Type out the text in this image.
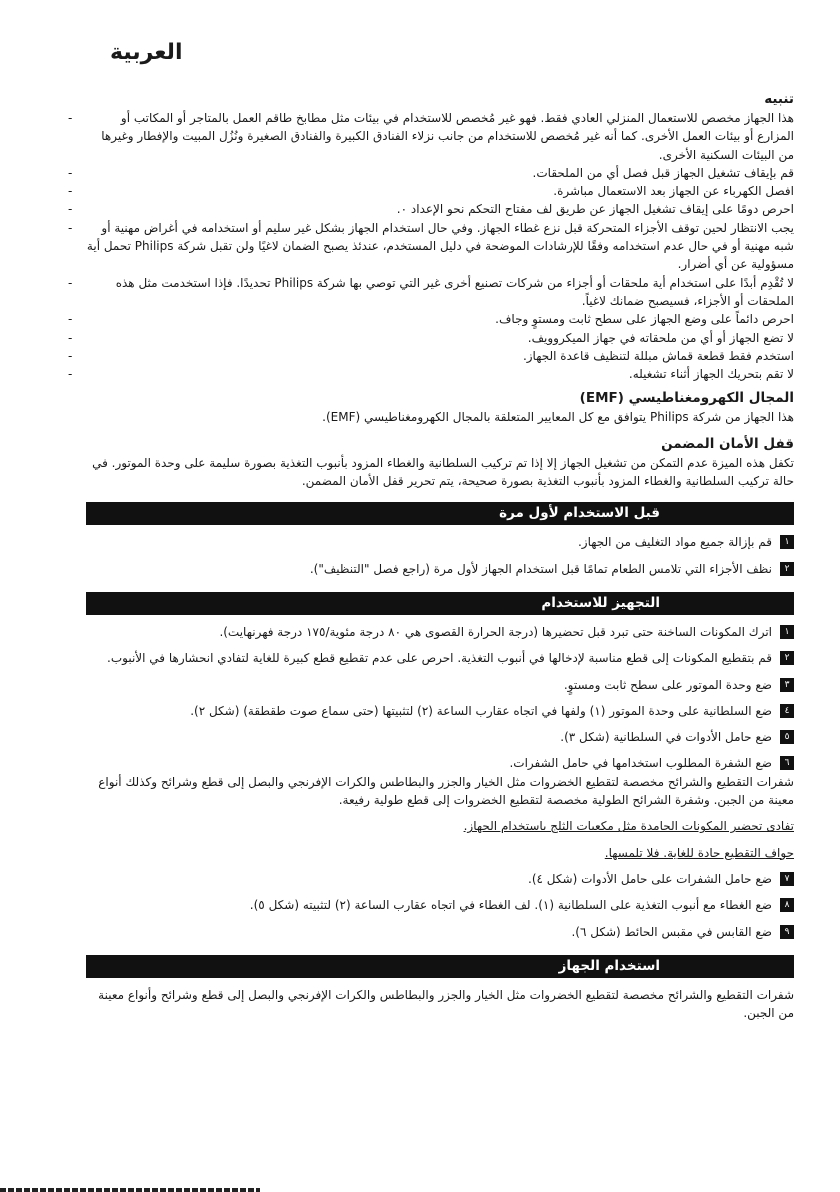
العربية
تنبيه
هذا الجهاز مخصص للاستعمال المنزلي العادي فقط. فهو غير مُخصص للاستخدام في بيئات مثل مطابخ طاقم العمل بالمتاجر أو المكاتب أو المزارع أو بيئات العمل الأخرى. كما أنه غير مُخصص للاستخدام من جانب نزلاء الفنادق الكبيرة والفنادق الصغيرة ونُزُل المبيت والإفطار وغيرها من البيئات السكنية الأخرى. -
قم بإيقاف تشغيل الجهاز قبل فصل أي من الملحقات. -
افصل الكهرباء عن الجهاز بعد الاستعمال مباشرة. -
احرص دومًا على إيقاف تشغيل الجهاز عن طريق لف مفتاح التحكم نحو الإعداد ٠. -
يجب الانتظار لحين توقف الأجزاء المتحركة قبل نزع غطاء الجهاز. وفي حال استخدام الجهاز بشكل غير سليم أو استخدامه في أغراض مهنية أو شبه مهنية أو في حال عدم استخدامه وفقًا للإرشادات الموضحة في دليل المستخدم، عندئذ يصبح الضمان لاغيًا ولن تقبل شركة Philips تحمل أية مسؤولية عن أي أضرار. -
لا تُقْدِم أبدًا على استخدام أية ملحقات أو أجزاء من شركات تصنيع أخرى غير التي توصي بها شركة Philips تحديدًا. فإذا استخدمت مثل هذه الملحقات أو الأجزاء، فسيصبح ضمانك لاغياً. -
احرص دائماً على وضع الجهاز على سطح ثابت ومستوٍ وجاف. -
لا تضع الجهاز أو أي من ملحقاته في جهاز الميكروويف. -
استخدم فقط قطعة قماش مبللة لتنظيف قاعدة الجهاز. -
لا تقم بتحريك الجهاز أثناء تشغيله. -
المجال الكهرومغناطيسي (EMF)

هذا الجهاز من شركة Philips يتوافق مع كل المعايير المتعلقة بالمجال الكهرومغناطيسي (EMF).

قفل الأمان المضمن

تكفل هذه الميزة عدم التمكن من تشغيل الجهاز إلا إذا تم تركيب السلطانية والغطاء المزود بأنبوب التغذية بصورة سليمة على وحدة الموتور. في حالة تركيب السلطانية والغطاء المزود بأنبوب التغذية بصورة صحيحة، يتم تحرير قفل الأمان المضمن.

قبل الاستخدام لأول مرة
١
قم بإزالة جميع مواد التغليف من الجهاز.
٢
نظف الأجزاء التي تلامس الطعام تمامًا قبل استخدام الجهاز لأول مرة (راجع فصل "التنظيف").
التجهيز للاستخدام
١
اترك المكونات الساخنة حتى تبرد قبل تحضيرها (درجة الحرارة القصوى هي ٨٠ درجة مئوية/١٧٥ درجة فهرنهايت).
٢
قم بتقطيع المكونات إلى قطع مناسبة لإدخالها في أنبوب التغذية. احرص على عدم تقطيع قطع كبيرة للغاية لتفادي انحشارها في الأنبوب.
٣
ضع وحدة الموتور على سطح ثابت ومستوٍ.
٤
ضع السلطانية على وحدة الموتور (١) ولفها في اتجاه عقارب الساعة (٢) لتثبيتها (حتى سماع صوت طقطقة) (شكل ٢).
٥
ضع حامل الأدوات في السلطانية (شكل ٣).
٦
ضع الشفرة المطلوب استخدامها في حامل الشفرات.

شفرات التقطيع والشرائح مخصصة لتقطيع الخضروات مثل الخيار والجزر والبطاطس والكرات الإفرنجي والبصل إلى قطع وشرائح وكذلك أنواع معينة من الجبن. وشفرة الشرائح الطولية مخصصة لتقطيع الخضروات إلى قطع طولية رفيعة.

تفادى تحضير المكونات الجامدة مثل مكعبات الثلج باستخدام الجهاز.

حواف التقطيع حادة للغاية. فلا تلمسها.

٧
ضع حامل الشفرات على حامل الأدوات (شكل ٤).
٨
ضع الغطاء مع أنبوب التغذية على السلطانية (١). لف الغطاء في اتجاه عقارب الساعة (٢) لتثبيته (شكل ٥).
٩
ضع القابس في مقبس الحائط (شكل ٦).
استخدام الجهاز

شفرات التقطيع والشرائح مخصصة لتقطيع الخضروات مثل الخيار والجزر والبطاطس والكرات الإفرنجي والبصل إلى قطع وشرائح وأنواع معينة من الجبن.
